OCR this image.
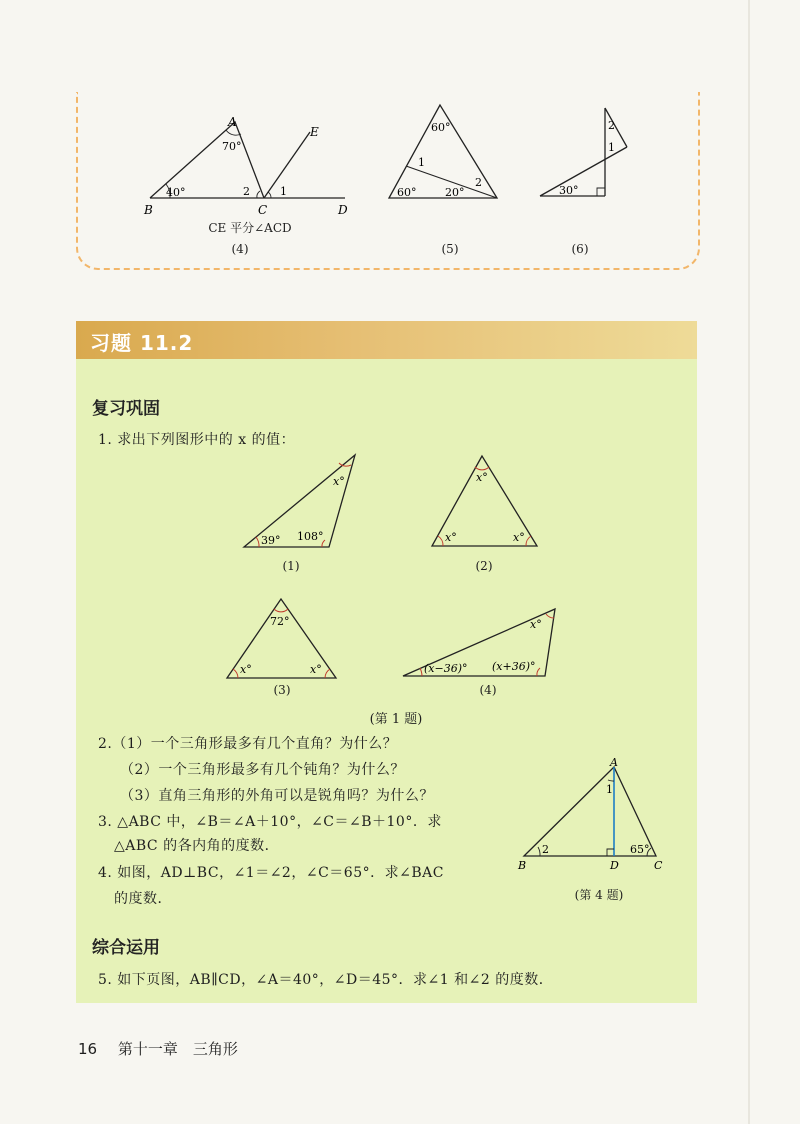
A
B	C	D
E
70°
40°	2	1
CE 平分∠ACD
(4)
60°
1
60°	20°
2
(5)
2
1
30°
(6)
习题 11.2
复习巩固
1. 求出下列图形中的 x 的值：
39° 108°
x°
(1)
x°
x°	x°
(2)
72°
x°	x°
(3)
(x−36)° (x+36)°
x°
(4)
(第 1 题)
2.（1）一个三角形最多有几个直角？为什么？
（2）一个三角形最多有几个钝角？为什么？
（3）直角三角形的外角可以是锐角吗？为什么？
3. △ABC 中，∠B＝∠A＋10°，∠C＝∠B＋10°．求
△ABC 的各内角的度数．
4. 如图，AD⊥BC，∠1＝∠2，∠C＝65°．求∠BAC
的度数．
A
B	D	C
1
2	65°
(第 4 题)
综合运用
5. 如下页图，AB∥CD，∠A＝40°，∠D＝45°．求∠1 和∠2 的度数．
16 第十一章　三角形
